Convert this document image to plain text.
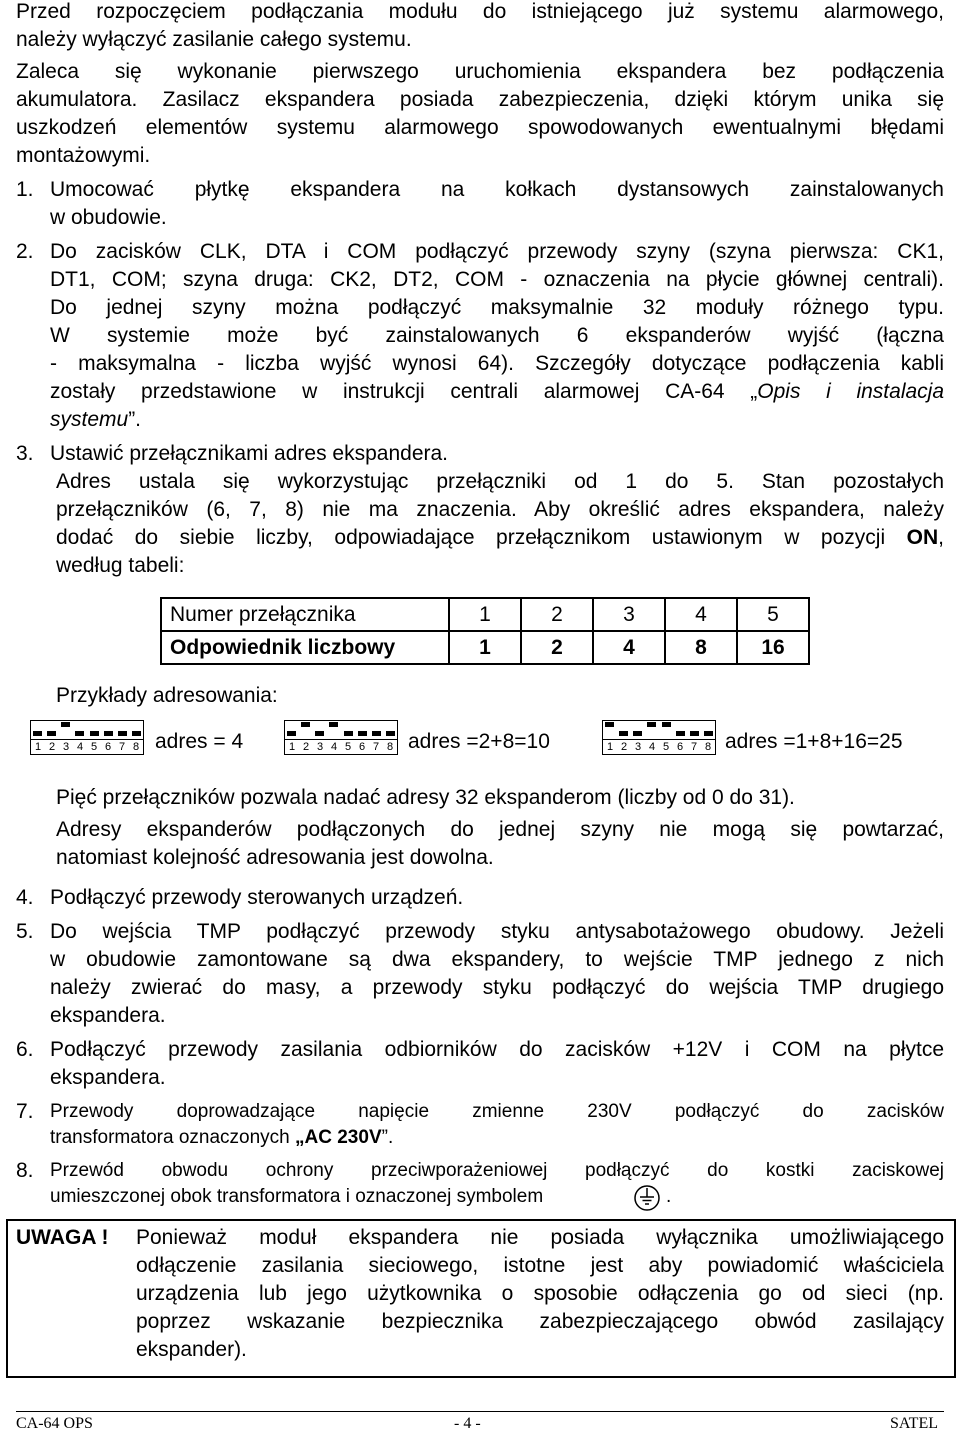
Przed rozpoczęciem podłączania modułu do istniejącego już systemu alarmowego,
należy wyłączyć zasilanie całego systemu.
Zaleca się wykonanie pierwszego uruchomienia ekspandera bez podłączenia
akumulatora. Zasilacz ekspandera posiada zabezpieczenia, dzięki którym unika się
uszkodzeń elementów systemu alarmowego spowodowanych ewentualnymi błędami
montażowymi.
1. Umocować płytkę ekspandera na kołkach dystansowych zainstalowanych
w obudowie.
2. Do zacisków CLK, DTA i COM podłączyć przewody szyny (szyna pierwsza: CK1,
DT1, COM; szyna druga: CK2, DT2, COM - oznaczenia na płycie głównej centrali).
Do jednej szyny można podłączyć maksymalnie 32 moduły różnego typu.
W systemie może być zainstalowanych 6 ekspanderów wyjść (łączna
- maksymalna - liczba wyjść wynosi 64). Szczegóły dotyczące podłączenia kabli
zostały przedstawione w instrukcji centrali alarmowej CA-64 „Opis i instalacja
systemu”.
3. Ustawić przełącznikami adres ekspandera.
Adres ustala się wykorzystując przełączniki od 1 do 5. Stan pozostałych
przełączników (6, 7, 8) nie ma znaczenia. Aby określić adres ekspandera, należy
dodać do siebie liczby, odpowiadające przełącznikom ustawionym w pozycji ON,
według tabeli:
Numer przełącznika	1	2	3	4	5
Odpowiednik liczbowy	1	2	4	8	16
Przykłady adresowania:
1 2 3 4 5 6 7 8 adres = 4	1 2 3 4 5 6 7 8 adres =2+8=10	1 2 3 4 5 6 7 8 adres =1+8+16=25
Pięć przełączników pozwala nadać adresy 32 ekspanderom (liczby od 0 do 31).
Adresy ekspanderów podłączonych do jednej szyny nie mogą się powtarzać,
natomiast kolejność adresowania jest dowolna.
4. Podłączyć przewody sterowanych urządzeń.
5. Do wejścia TMP podłączyć przewody styku antysabotażowego obudowy. Jeżeli
w obudowie zamontowane są dwa ekspandery, to wejście TMP jednego z nich
należy zwierać do masy, a przewody styku podłączyć do wejścia TMP drugiego
ekspandera.
6. Podłączyć przewody zasilania odbiorników do zacisków +12V i COM na płytce
ekspandera.
7. Przewody doprowadzające napięcie zmienne 230V podłączyć do zacisków
transformatora oznaczonych „AC 230V”.
8. Przewód obwodu ochrony przeciwporażeniowej podłączyć do kostki zaciskowej
umieszczonej obok transformatora i oznaczonej symbolem	.
UWAGA ! Ponieważ moduł ekspandera nie posiada wyłącznika umożliwiającego
odłączenie zasilania sieciowego, istotne jest aby powiadomić właściciela
urządzenia lub jego użytkownika o sposobie odłączenia go od sieci (np.
poprzez wskazanie bezpiecznika zabezpieczającego obwód zasilający
ekspander).
CA-64 OPS	- 4 -	SATEL
